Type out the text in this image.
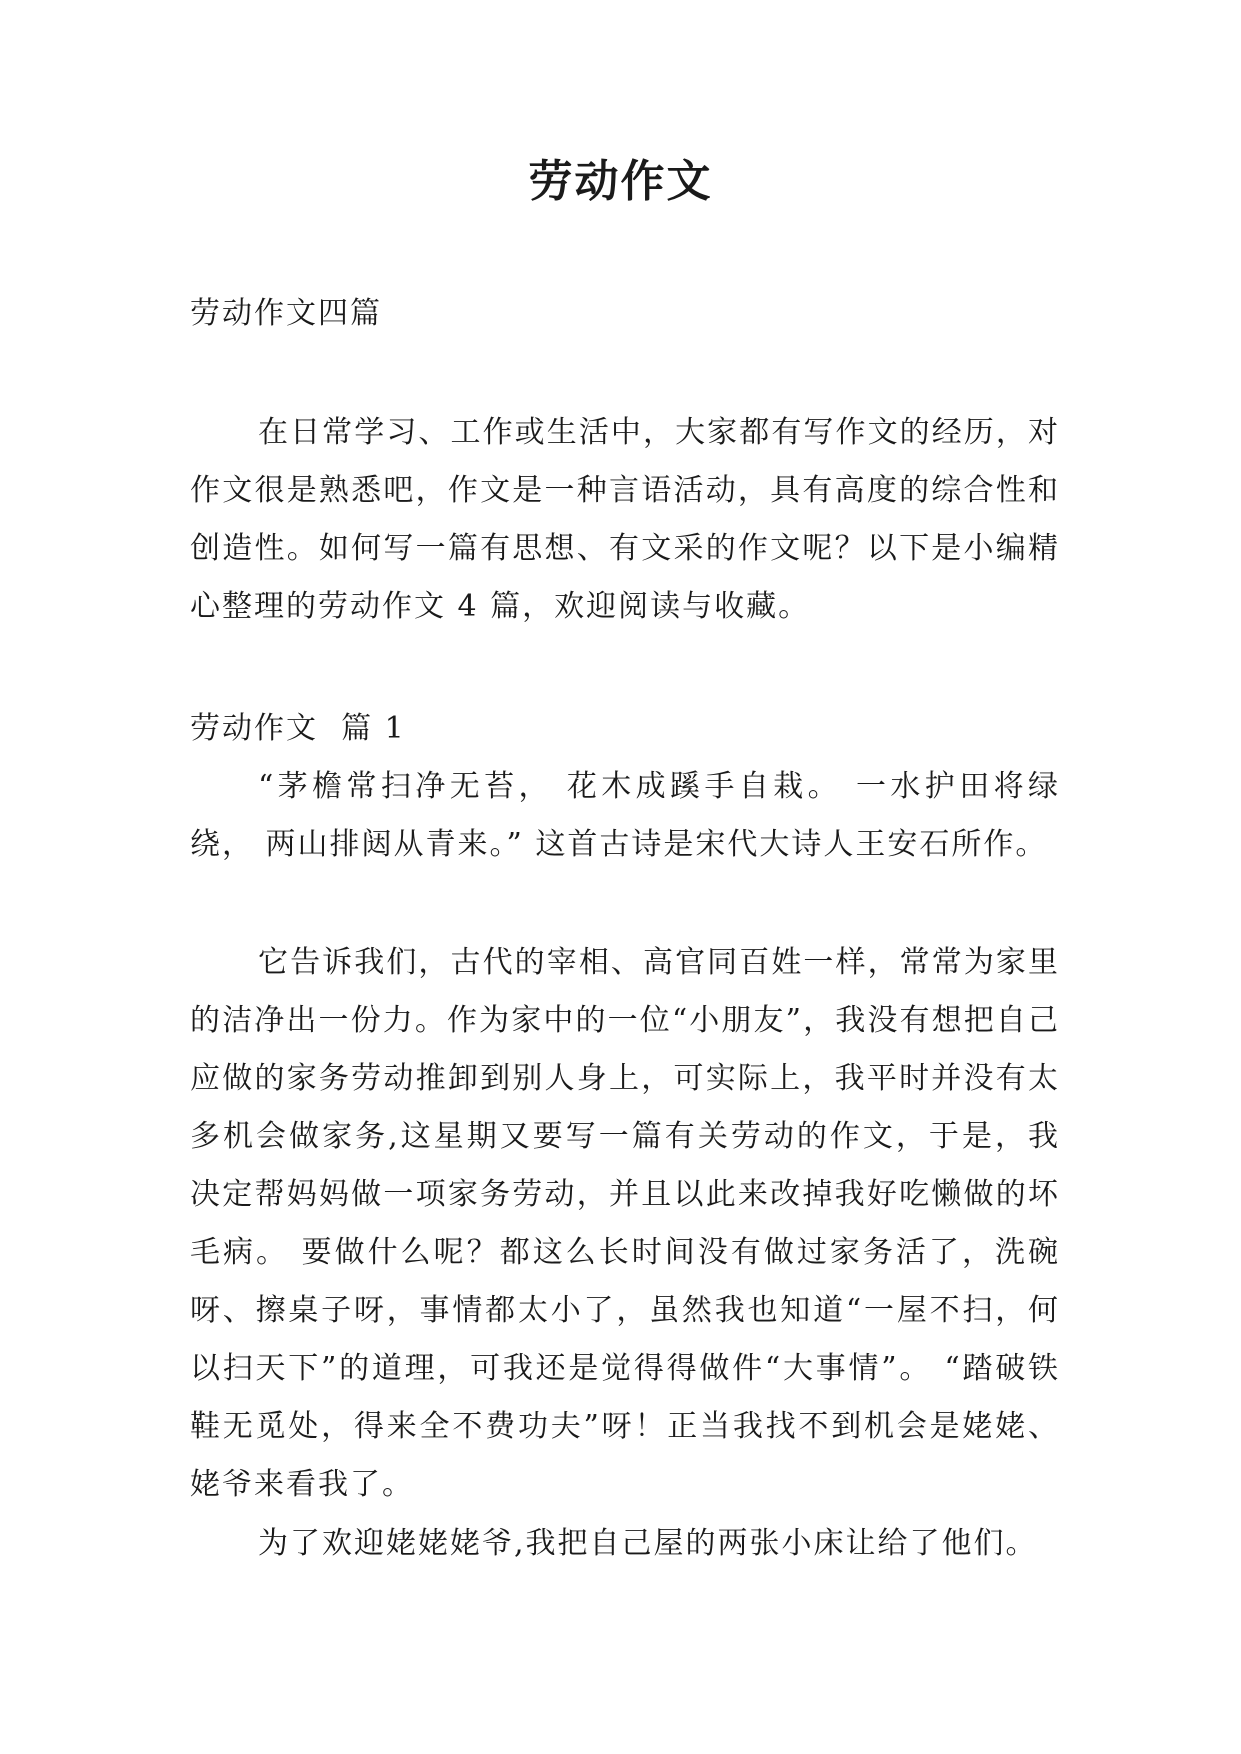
劳动作文

劳动作文四篇

在日常学习、工作或生活中，大家都有写作文的经历，对作文很是熟悉吧，作文是一种言语活动，具有高度的综合性和创造性。如何写一篇有思想、有文采的作文呢？以下是小编精心整理的劳动作文 4 篇，欢迎阅读与收藏。

劳动作文  篇 1

“茅檐常扫净无苔， 花木成蹊手自栽。 一水护田将绿绕， 两山排闼从青来。” 这首古诗是宋代大诗人王安石所作。

它告诉我们，古代的宰相、高官同百姓一样，常常为家里的洁净出一份力。作为家中的一位“小朋友”，我没有想把自己应做的家务劳动推卸到别人身上，可实际上，我平时并没有太多机会做家务,这星期又要写一篇有关劳动的作文，于是，我决定帮妈妈做一项家务劳动，并且以此来改掉我好吃懒做的坏毛病。 要做什么呢？都这么长时间没有做过家务活了，洗碗呀、擦桌子呀，事情都太小了，虽然我也知道“一屋不扫，何以扫天下”的道理，可我还是觉得得做件“大事情”。 “踏破铁鞋无觅处，得来全不费功夫”呀！正当我找不到机会是姥姥、姥爷来看我了。

为了欢迎姥姥姥爷,我把自己屋的两张小床让给了他们。
